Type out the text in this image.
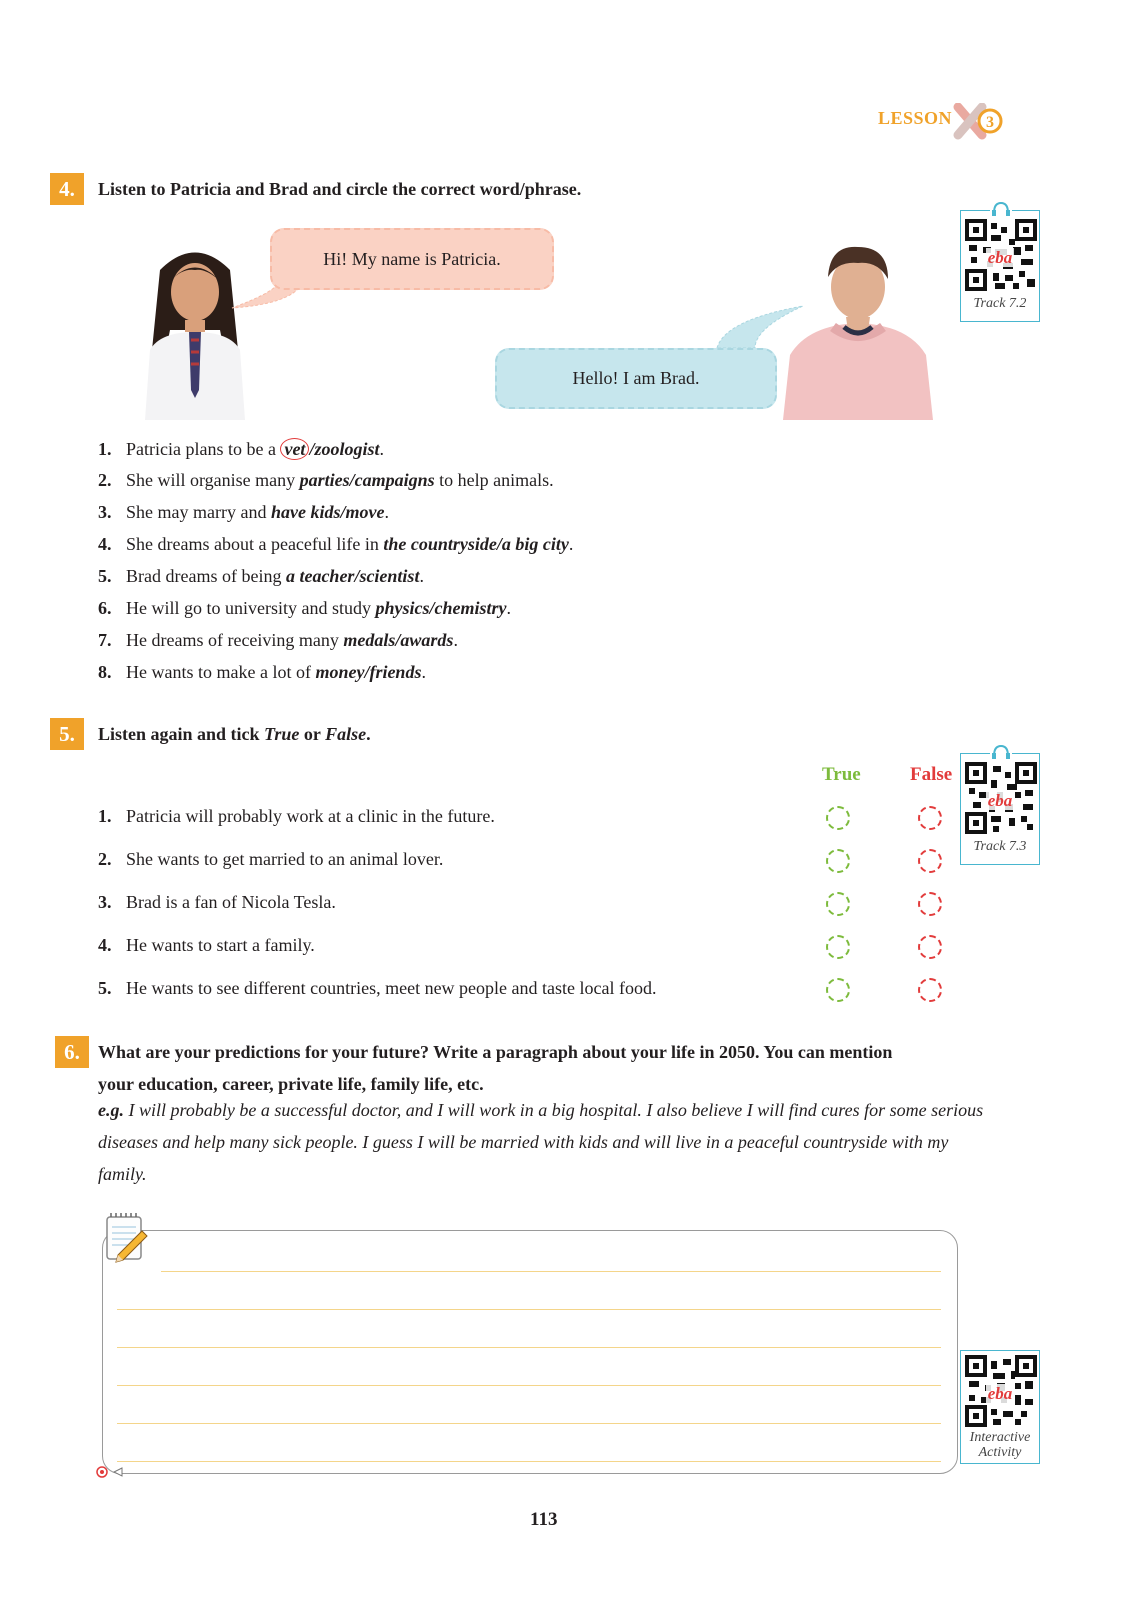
LESSON 3
4.	Listen to Patricia and Brad and circle the correct word/phrase.
Hi! My name is Patricia.
Hello! I am Brad.
eba
Track 7.2
1. Patricia plans to be a vet /zoologist.
2. She will organise many parties/campaigns to help animals.
3. She may marry and have kids/move.
4. She dreams about a peaceful life in the countryside/a big city.
5. Brad dreams of being a teacher/scientist.
6. He will go to university and study physics/chemistry.
7. He dreams of receiving many medals/awards.
8. He wants to make a lot of money/friends.
5.	Listen again and tick True or False.
True	False
eba
Track 7.3
1. Patricia will probably work at a clinic in the future.
2. She wants to get married to an animal lover.
3. Brad is a fan of Nicola Tesla.
4. He wants to start a family.
5. He wants to see different countries, meet new people and taste local food.
6.	What are your predictions for your future? Write a paragraph about your life in 2050. You can mention
your education, career, private life, family life, etc.
e.g. I will probably be a successful doctor, and I will work in a big hospital. I also believe I will find cures for some serious diseases and help many sick people. I guess I will be married with kids and will live in a peaceful countryside with my family.
eba
Interactive
Activity
113
